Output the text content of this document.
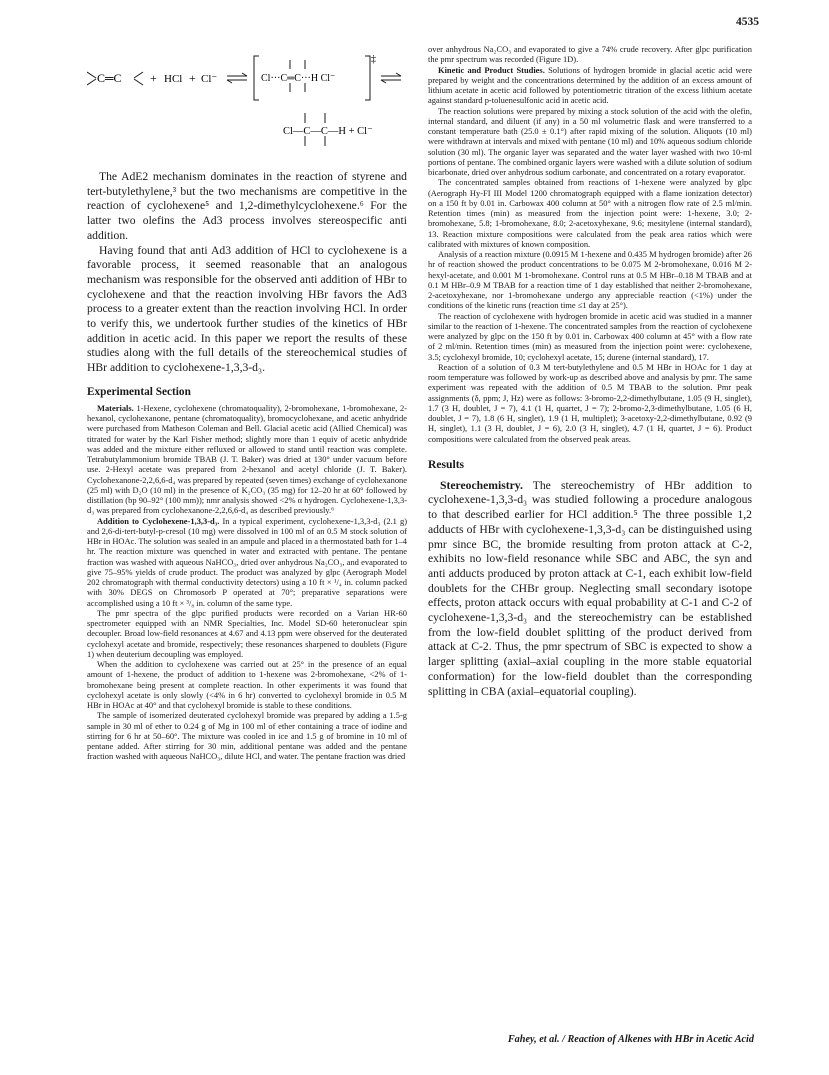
4535
C═C + HCl + Cl⁻	Cl···C═C···H Cl⁻
‡
Cl—C—C—H + Cl⁻

The AdE2 mechanism dominates in the reaction of styrene and tert-butylethylene,³ but the two mechanisms are competitive in the reaction of cyclohexene⁵ and 1,2-dimethylcyclohexene.⁶ For the latter two olefins the Ad3 process involves stereospecific anti addition.

Having found that anti Ad3 addition of HCl to cyclohexene is a favorable process, it seemed reasonable that an analogous mechanism was responsible for the observed anti addition of HBr to cyclohexene and that the reaction involving HBr favors the Ad3 process to a greater extent than the reaction involving HCl. In order to verify this, we undertook further studies of the kinetics of HBr addition in acetic acid. In this paper we report the results of these studies along with the full details of the stereochemical studies of HBr addition to cyclohexene-1,3,3-d₃.

Experimental Section

Materials. 1-Hexene, cyclohexene (chromatoquality), 2-bromohexane, 1-bromohexane, 2-hexanol, cyclohexanone, pentane (chromatoquality), bromocyclohexane, and acetic anhydride were purchased from Matheson Coleman and Bell. Glacial acetic acid (Allied Chemical) was titrated for water by the Karl Fisher method; slightly more than 1 equiv of acetic anhydride was added and the mixture either refluxed or allowed to stand until reaction was complete. Tetrabutylammonium bromide TBAB (J. T. Baker) was dried at 130° under vacuum before use. 2-Hexyl acetate was prepared from 2-hexanol and acetyl chloride (J. T. Baker). Cyclohexanone-2,2,6,6-d₄ was prepared by repeated (seven times) exchange of cyclohexanone (25 ml) with D₂O (10 ml) in the presence of K₂CO₃ (35 mg) for 12–20 hr at 60° followed by distillation (bp 90–92° (100 mm)); nmr analysis showed <2% α hydrogen. Cyclohexene-1,3,3-d₃ was prepared from cyclohexanone-2,2,6,6-d₄ as described previously.⁶

Addition to Cyclohexene-1,3,3-d₃. In a typical experiment, cyclohexene-1,3,3-d₃ (2.1 g) and 2,6-di-tert-butyl-p-cresol (10 mg) were dissolved in 100 ml of an 0.5 M stock solution of HBr in HOAc. The solution was sealed in an ampule and placed in a thermostated bath for 1–4 hr. The reaction mixture was quenched in water and extracted with pentane. The pentane fraction was washed with aqueous NaHCO₃, dried over anhydrous Na₂CO₃, and evaporated to give 75–95% yields of crude product. The product was analyzed by glpc (Aerograph Model 202 chromatograph with thermal conductivity detectors) using a 10 ft × ¹/₄ in. column packed with 30% DEGS on Chromosorb P operated at 70°; preparative separations were accomplished using a 10 ft × ³/₈ in. column of the same type.

The pmr spectra of the glpc purified products were recorded on a Varian HR-60 spectrometer equipped with an NMR Specialties, Inc. Model SD-60 heteronuclear spin decoupler. Broad low-field resonances at 4.67 and 4.13 ppm were observed for the deuterated cyclohexyl acetate and bromide, respectively; these resonances sharpened to doublets (Figure 1) when deuterium decoupling was employed.

When the addition to cyclohexene was carried out at 25° in the presence of an equal amount of 1-hexene, the product of addition to 1-hexene was 2-bromohexane, <2% of 1-bromohexane being present at complete reaction. In other experiments it was found that cyclohexyl acetate is only slowly (<4% in 6 hr) converted to cyclohexyl bromide in 0.5 M HBr in HOAc at 40° and that cyclohexyl bromide is stable to these conditions.

The sample of isomerized deuterated cyclohexyl bromide was prepared by adding a 1.5-g sample in 30 ml of ether to 0.24 g of Mg in 100 ml of ether containing a trace of iodine and stirring for 6 hr at 50–60°. The mixture was cooled in ice and 1.5 g of bromine in 10 ml of pentane added. After stirring for 30 min, additional pentane was added and the pentane fraction washed with aqueous NaHCO₃, dilute HCl, and water. The pentane fraction was dried

over anhydrous Na₂CO₃ and evaporated to give a 74% crude recovery. After glpc purification the pmr spectrum was recorded (Figure 1D).

Kinetic and Product Studies. Solutions of hydrogen bromide in glacial acetic acid were prepared by weight and the concentrations determined by the addition of an excess amount of lithium acetate in acetic acid followed by potentiometric titration of the excess lithium acetate against standard p-toluenesulfonic acid in acetic acid.

The reaction solutions were prepared by mixing a stock solution of the acid with the olefin, internal standard, and diluent (if any) in a 50 ml volumetric flask and were transferred to a constant temperature bath (25.0 ± 0.1°) after rapid mixing of the solution. Aliquots (10 ml) were withdrawn at intervals and mixed with pentane (10 ml) and 10% aqueous sodium chloride solution (30 ml). The organic layer was separated and the water layer washed with two 10-ml portions of pentane. The combined organic layers were washed with a dilute solution of sodium bicarbonate, dried over anhydrous sodium carbonate, and concentrated on a rotary evaporator.

The concentrated samples obtained from reactions of 1-hexene were analyzed by glpc (Aerograph Hy-FI III Model 1200 chromatograph equipped with a flame ionization detector) on a 150 ft by 0.01 in. Carbowax 400 column at 50° with a nitrogen flow rate of 2.5 ml/min. Retention times (min) as measured from the injection point were: 1-hexene, 3.0; 2-bromohexane, 5.8; 1-bromohexane, 8.0; 2-acetoxyhexane, 9.6; mesitylene (internal standard), 13. Reaction mixture compositions were calculated from the peak area ratios which were calibrated with mixtures of known composition.

Analysis of a reaction mixture (0.0915 M 1-hexene and 0.435 M hydrogen bromide) after 26 hr of reaction showed the product concentrations to be 0.075 M 2-bromohexane, 0.016 M 2-hexyl-acetate, and 0.001 M 1-bromohexane. Control runs at 0.5 M HBr–0.18 M TBAB and at 0.1 M HBr–0.9 M TBAB for a reaction time of 1 day established that neither 2-bromohexane, 2-acetoxyhexane, nor 1-bromohexane undergo any appreciable reaction (<1%) under the conditions of the kinetic runs (reaction time ≤1 day at 25°).

The reaction of cyclohexene with hydrogen bromide in acetic acid was studied in a manner similar to the reaction of 1-hexene. The concentrated samples from the reaction of cyclohexene were analyzed by glpc on the 150 ft by 0.01 in. Carbowax 400 column at 45° with a flow rate of 2 ml/min. Retention times (min) as measured from the injection point were: cyclohexene, 3.5; cyclohexyl bromide, 10; cyclohexyl acetate, 15; durene (internal standard), 17.

Reaction of a solution of 0.3 M tert-butylethylene and 0.5 M HBr in HOAc for 1 day at room temperature was followed by work-up as described above and analysis by pmr. The same experiment was repeated with the addition of 0.5 M TBAB to the solution. Pmr peak assignments (δ, ppm; J, Hz) were as follows: 3-bromo-2,2-dimethylbutane, 1.05 (9 H, singlet), 1.7 (3 H, doublet, J = 7), 4.1 (1 H, quartet, J = 7); 2-bromo-2,3-dimethylbutane, 1.05 (6 H, doublet, J = 7), 1.8 (6 H, singlet), 1.9 (1 H, multiplet); 3-acetoxy-2,2-dimethylbutane, 0.92 (9 H, singlet), 1.1 (3 H, doublet, J = 6), 2.0 (3 H, singlet), 4.7 (1 H, quartet, J = 6). Product compositions were calculated from the observed peak areas.

Results

Stereochemistry. The stereochemistry of HBr addition to cyclohexene-1,3,3-d₃ was studied following a procedure analogous to that described earlier for HCl addition.⁵ The three possible 1,2 adducts of HBr with cyclohexene-1,3,3-d₃ can be distinguished using pmr since BC, the bromide resulting from proton attack at C-2, exhibits no low-field resonance while SBC and ABC, the syn and anti adducts produced by proton attack at C-1, each exhibit low-field doublets for the CHBr group. Neglecting small secondary isotope effects, proton attack occurs with equal probability at C-1 and C-2 of cyclohexene-1,3,3-d₃ and the stereochemistry can be established from the low-field doublet splitting of the product derived from attack at C-2. Thus, the pmr spectrum of SBC is expected to show a larger splitting (axial–axial coupling in the more stable equatorial conformation) for the low-field doublet than the corresponding splitting in CBA (axial–equatorial coupling).

Fahey, et al. / Reaction of Alkenes with HBr in Acetic Acid
